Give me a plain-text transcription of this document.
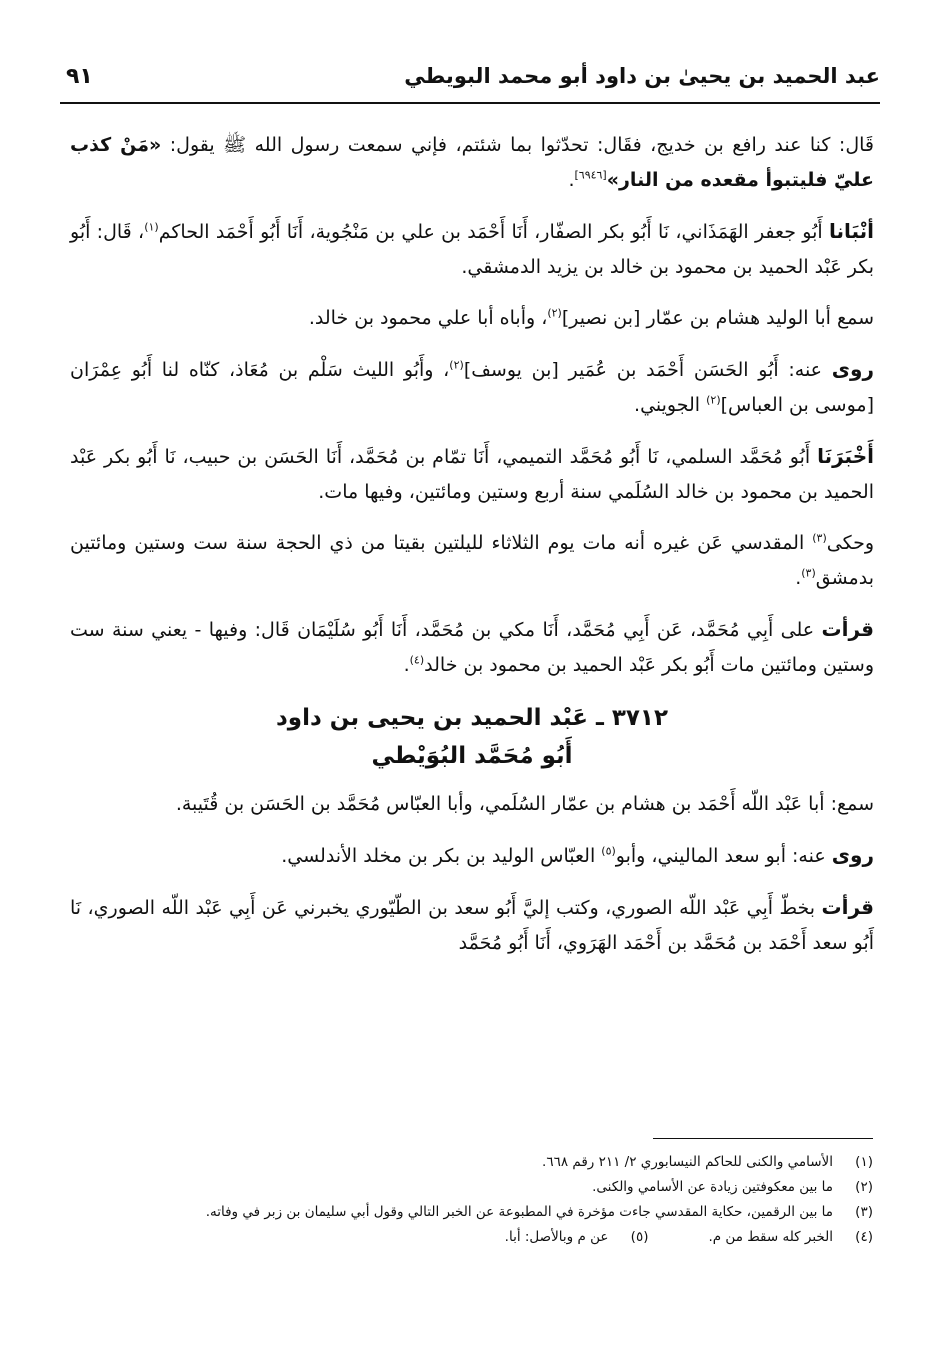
عبد الحميد بن يحيىٰ بن داود أبو محمد البويطي
٩١

قَال: كنا عند رافع بن خديج، فقَال: تحدّثوا بما شئتم، فإني سمعت رسول الله ﷺ يقول: «مَنْ كذب عليّ فليتبوأ مقعده من النار»[٦٩٤٦].

أنْبَانا أَبُو جعفر الهَمَذَاني، نَا أَبُو بكر الصفّار، أَنَا أَحْمَد بن علي بن مَنْجُوية، أَنَا أَبُو أَحْمَد الحاكم$^{(١)}$، قَال: أَبُو بكر عَبْد الحميد بن محمود بن خالد بن يزيد الدمشقي.

سمع أبا الوليد هشام بن عمّار [بن نصير]$^{(٢)}$، وأباه أبا علي محمود بن خالد.

روى عنه: أَبُو الحَسَن أَحْمَد بن عُمَير [بن يوسف]$^{(٢)}$، وأَبُو الليث سَلْم بن مُعَاذ، كنّاه لنا أَبُو عِمْرَان [موسى بن العباس]$^{(٢)}$ الجويني.

أَخْبَرَنَا أَبُو مُحَمَّد السلمي، نَا أَبُو مُحَمَّد التميمي، أَنَا تمّام بن مُحَمَّد، أَنَا الحَسَن بن حبيب، نَا أَبُو بكر عَبْد الحميد بن محمود بن خالد السُلَمي سنة أربع وستين ومائتين، وفيها مات.

وحكى$^{(٣)}$ المقدسي عَن غيره أنه مات يوم الثلاثاء لليلتين بقيتا من ذي الحجة سنة ست وستين ومائتين بدمشق$^{(٣)}$.

قرأت على أَبِي مُحَمَّد، عَن أَبِي مُحَمَّد، أَنَا مكي بن مُحَمَّد، أَنَا أَبُو سُلَيْمَان قَال: وفيها - يعني سنة ست وستين ومائتين مات أَبُو بكر عَبْد الحميد بن محمود بن خالد$^{(٤)}$.

٣٧١٢ ـ عَبْد الحميد بن يحيى بن داود
أَبُو مُحَمَّد البُوَيْطي

سمع: أبا عَبْد اللّه أَحْمَد بن هشام بن عمّار السُلَمي، وأبا العبّاس مُحَمَّد بن الحَسَن بن قُتَيبة.

روى عنه: أبو سعد الماليني، وأبو$^{(٥)}$ العبّاس الوليد بن بكر بن مخلد الأندلسي.

قرأت بخطّ أَبِي عَبْد اللّه الصوري، وكتب إليَّ أَبُو سعد بن الطّيّوري يخبرني عَن أَبِي عَبْد اللّه الصوري، نَا أَبُو سعد أَحْمَد بن مُحَمَّد بن أَحْمَد الهَرَوي، أَنَا أَبُو مُحَمَّد

(١)الأسامي والكنى للحاكم النيسابوري ٢/ ٢١١ رقم ٦٦٨.
(٢)ما بين معكوفتين زيادة عن الأسامي والكنى.
(٣)ما بين الرقمين، حكاية المقدسي جاءت مؤخرة في المطبوعة عن الخبر التالي وقول أبي سليمان بن زبر في وفاته.
(٤)الخبر كله سقط من م.(٥)عن م وبالأصل: أبا.
